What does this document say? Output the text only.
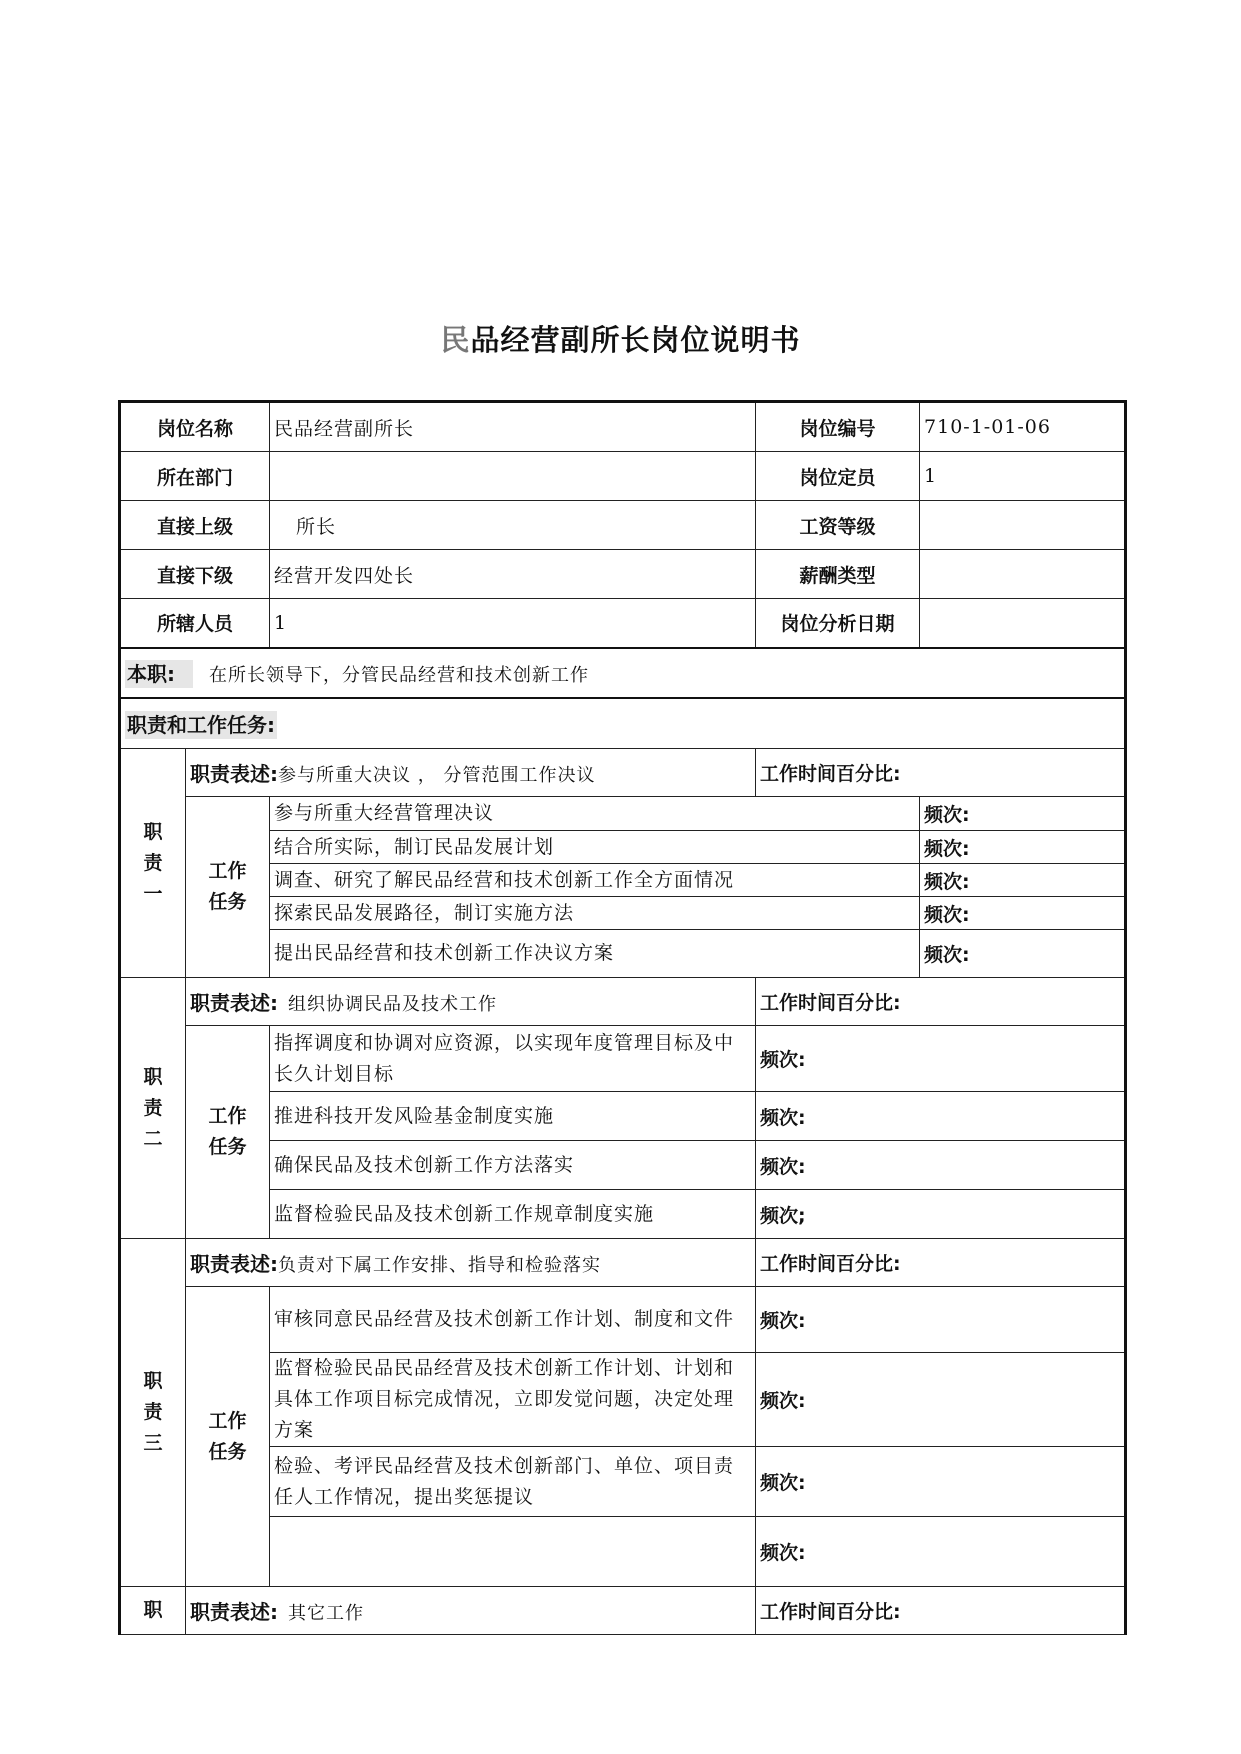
民品经营副所长岗位说明书
岗位名称		民品经营副所长	岗位编号	710-1-01-06
所在部门			岗位定员	1
直接上级		所长	工资等级	
直接下级		经营开发四处长	薪酬类型	
所辖人员		1	岗位分析日期	
本职: 在所长领导下，分管民品经营和技术创新工作				
职责和工作任务:				

职
责
一	职责表述:参与所重大决议 ， 分管范围工作决议		工作时间百分比:	

	工作
任务	参与所重大经营管理决议		频次:
		结合所实际，制订民品发展计划		频次:
		调查、研究了解民品经营和技术创新工作全方面情况		频次:
		探索民品发展路径，制订实施方法		频次:
		提出民品经营和技术创新工作决议方案		频次:

职
责
二	职责表述: 组织协调民品及技术工作		工作时间百分比:	

	工作
任务	指挥调度和协调对应资源，以实现年度管理目标及中长久计划目标	频次:	
		推进科技开发风险基金制度实施	频次:	
		确保民品及技术创新工作方法落实	频次:	
		监督检验民品及技术创新工作规章制度实施	频次;	

职
责
三	职责表述:负责对下属工作安排、指导和检验落实		工作时间百分比:	

	工作
任务	审核同意民品经营及技术创新工作计划、制度和文件	频次:	
		监督检验民品民品经营及技术创新工作计划、计划和具体工作项目标完成情况，立即发觉问题，决定处理方案	频次:	
		检验、考评民品经营及技术创新部门、单位、项目责任人工作情况，提出奖惩提议	频次:	
			频次:	

职	职责表述: 其它工作		工作时间百分比:	
